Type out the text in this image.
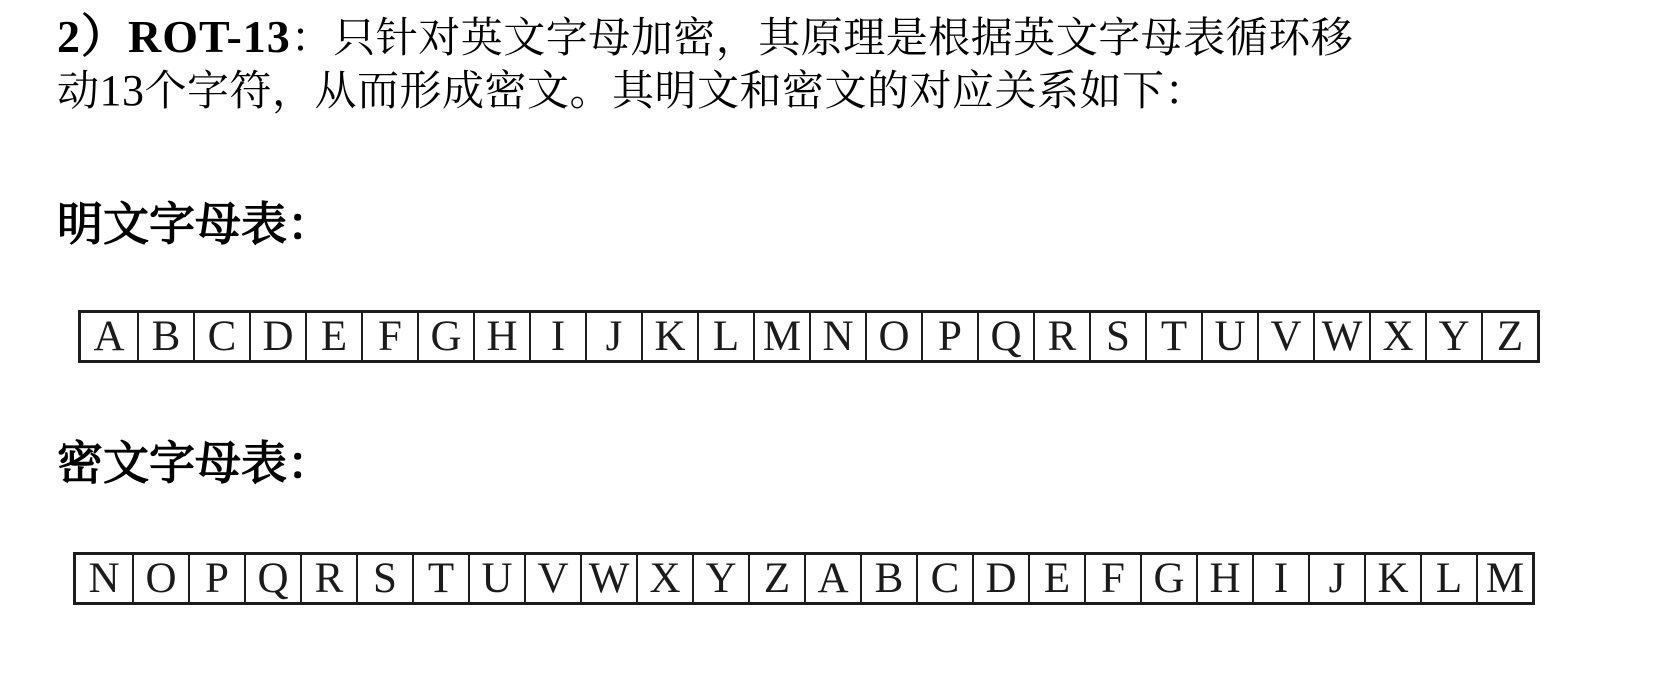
2）ROT-13：只针对英文字母加密，其原理是根据英文字母表循环移
动13个字符，从而形成密文。其明文和密文的对应关系如下：

明文字母表：
A B C D E F G H I J K L M N O P Q R S T U V W X Y Z
密文字母表：
N O P Q R S T U V W X Y Z A B C D E F G H I J K L M
